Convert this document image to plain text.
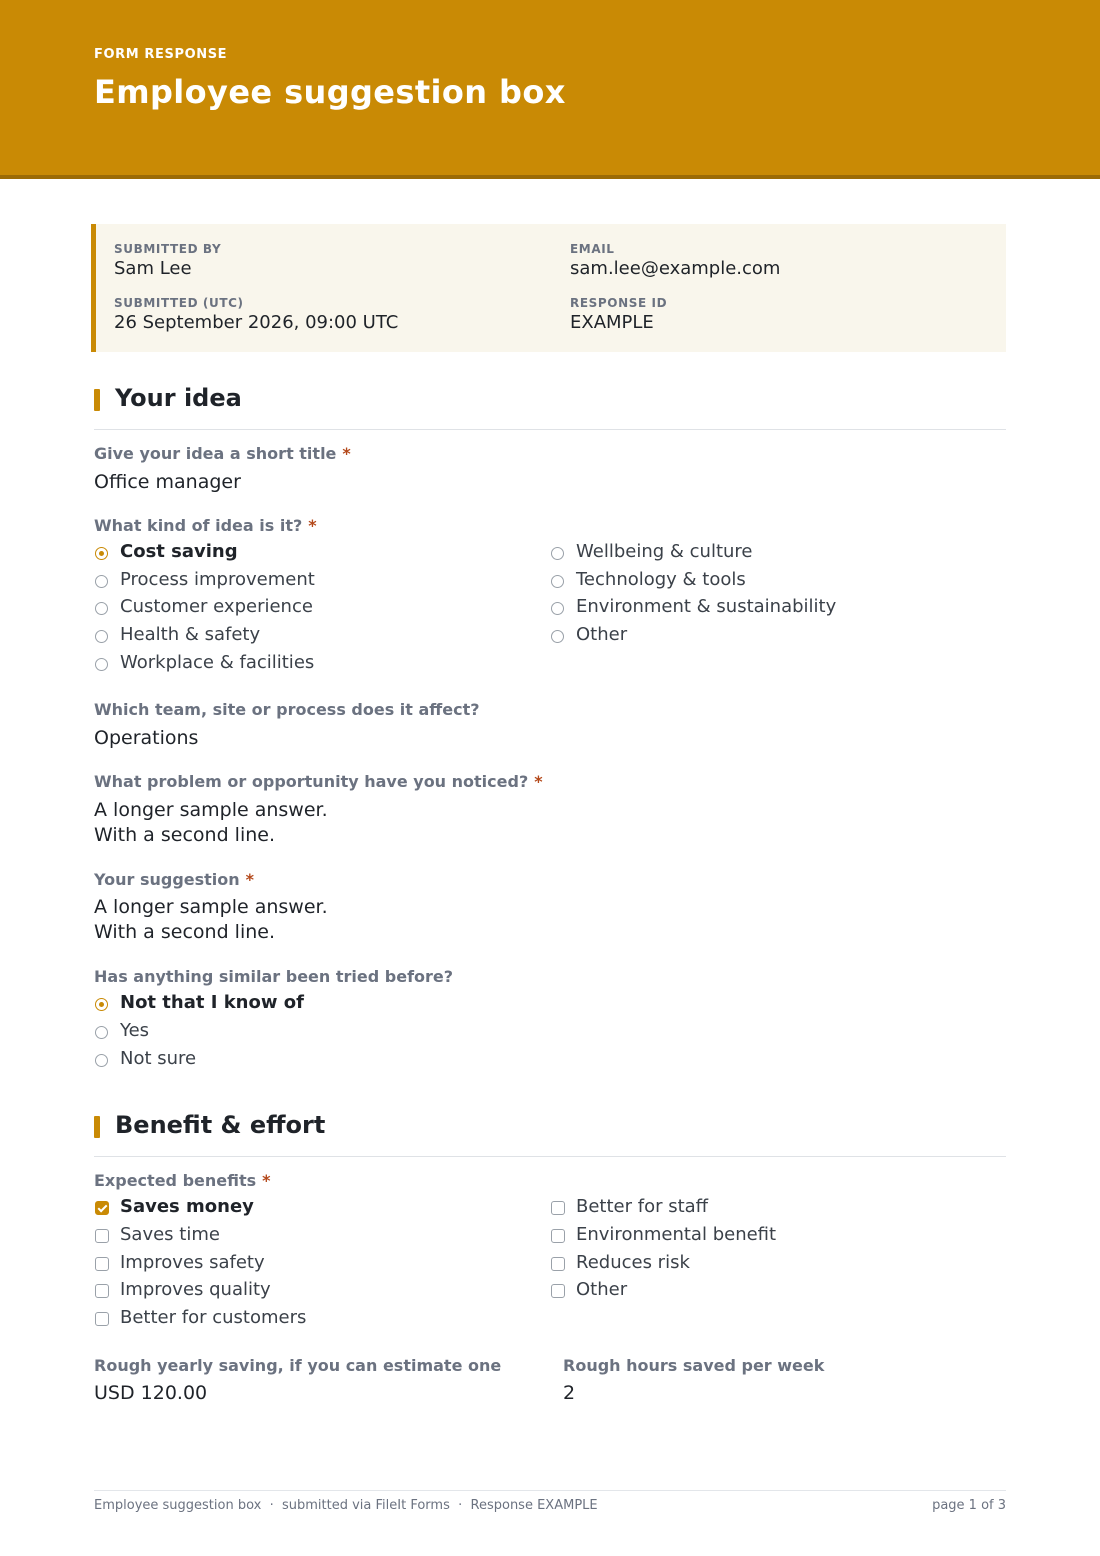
FORM RESPONSE
Employee suggestion box
SUBMITTED BY
Sam Lee
EMAIL
sam.lee@example.com
SUBMITTED (UTC)
26 September 2026, 09:00 UTC
RESPONSE ID
EXAMPLE
Your idea
Give your idea a short title *
Office manager
What kind of idea is it? *
Cost saving
Process improvement
Customer experience
Health & safety
Workplace & facilities
Wellbeing & culture
Technology & tools
Environment & sustainability
Other
Which team, site or process does it affect?
Operations
What problem or opportunity have you noticed? *
A longer sample answer.
With a second line.
Your suggestion *
A longer sample answer.
With a second line.
Has anything similar been tried before?
Not that I know of
Yes
Not sure
Benefit & effort
Expected benefits *
Saves money
Saves time
Improves safety
Improves quality
Better for customers
Better for staff
Environmental benefit
Reduces risk
Other
Rough yearly saving, if you can estimate one
USD 120.00
Rough hours saved per week
2
Employee suggestion box  ·  submitted via FileIt Forms  ·  Response EXAMPLE	page 1 of 3
